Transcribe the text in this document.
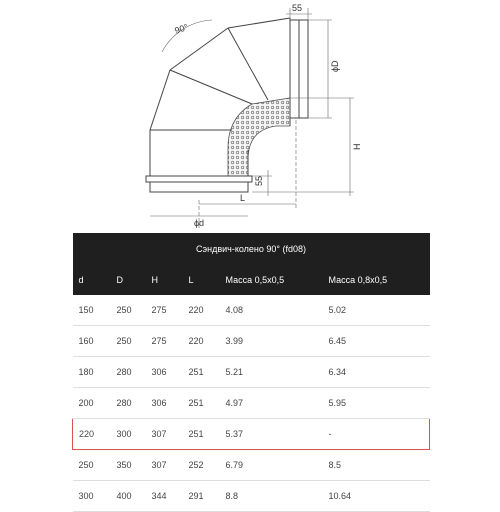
90°
55
ϕD
H
55
L
ϕd
Сэндвич-колено 90° (fd08)					
d	D	H	L	Масса 0,5х0,5	Масса 0,8х0,5
150	250	275	220	4.08	5.02
160	250	275	220	3.99	6.45
180	280	306	251	5.21	6.34
200	280	306	251	4.97	5.95
220	300	307	251	5.37	-
250	350	307	252	6.79	8.5
300	400	344	291	8.8	10.64
